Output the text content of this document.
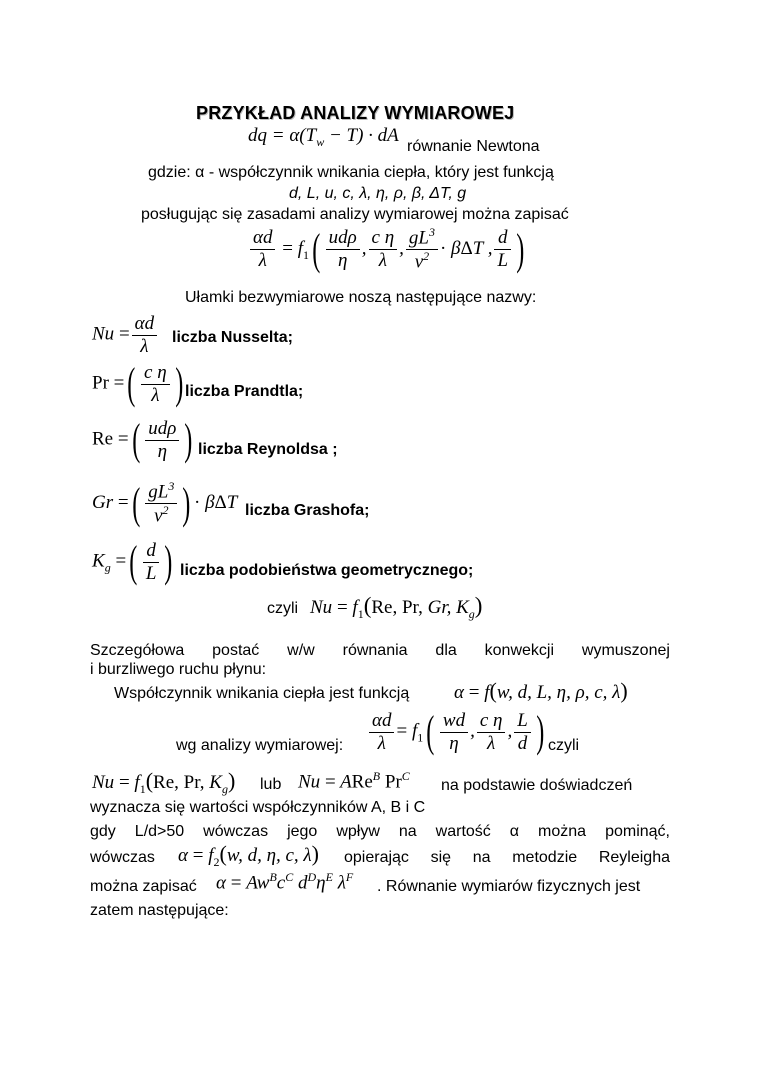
PRZYKŁAD ANALIZY WYMIAROWEJ
dq = $\alpha(T_w - T)$ · dA
równanie Newtona
gdzie: α - współczynnik wnikania ciepła, który jest funkcją
d, L, u, c, λ, η, ρ, β, ΔT, g
posługując się zasadami analizy wymiarowej można zapisać
$\frac{\alpha d}{\lambda} = f_1( \frac{\text{udρ}}{\eta}$ , $\frac{\text{c η}}{\lambda}$ , $\frac{gL^3}{\nu^2} \cdot \beta\Delta T$ , $\frac{d}{L}$ )
Ułamki bezwymiarowe noszą następujące nazwy:
$Nu = \frac{\alpha d}{\lambda}$ liczba Nusselta;
Pr =( $\frac{\text{c η}}{\lambda}$ ) liczba Prandtla;
Re =( $\frac{\text{udρ}}{\eta}$ ) liczba Reynoldsa ;
Gr =( $\frac{gL^3}{\nu^2}$ ) · βΔT liczba Grashofa;
$K_g$ =( $\frac{d}{L}$ ) liczba podobieństwa geometrycznego;
czyli $Nu = f_1(Re$, Pr, Gr, $K_g$)
Szczegółowa postać w/w równania dla konwekcji wymuszonej
i burzliwego ruchu płynu:
Współczynnik wnikania ciepła jest funkcją α = f(w, d, L, η, ρ, c, λ)
wg analizy wymiarowej: $\frac{\alpha d}{\lambda} = f_1( \frac{wd}{\eta}$ , $\frac{\text{c η}}{\lambda}$ , $\frac{L}{d}$ ) czyli
$Nu = f_1(Re$, Pr, $K_g$) lub Nu = ARe$^B$ $Pr^C$
na podstawie doświadczeń
wyznacza się wartości współczynników A, B i C
gdy L/d>50 wówczas jego wpływ na wartość α można pominąć,
wówczas $\alpha = f_2(w$, d, η, c, λ) opierając się na metodzie Reyleigha
można zapisać $\alpha = Aw^Bc^C$ $d^D\eta^E$ $\lambda^F$
. Równanie wymiarów fizycznych jest
zatem następujące:
